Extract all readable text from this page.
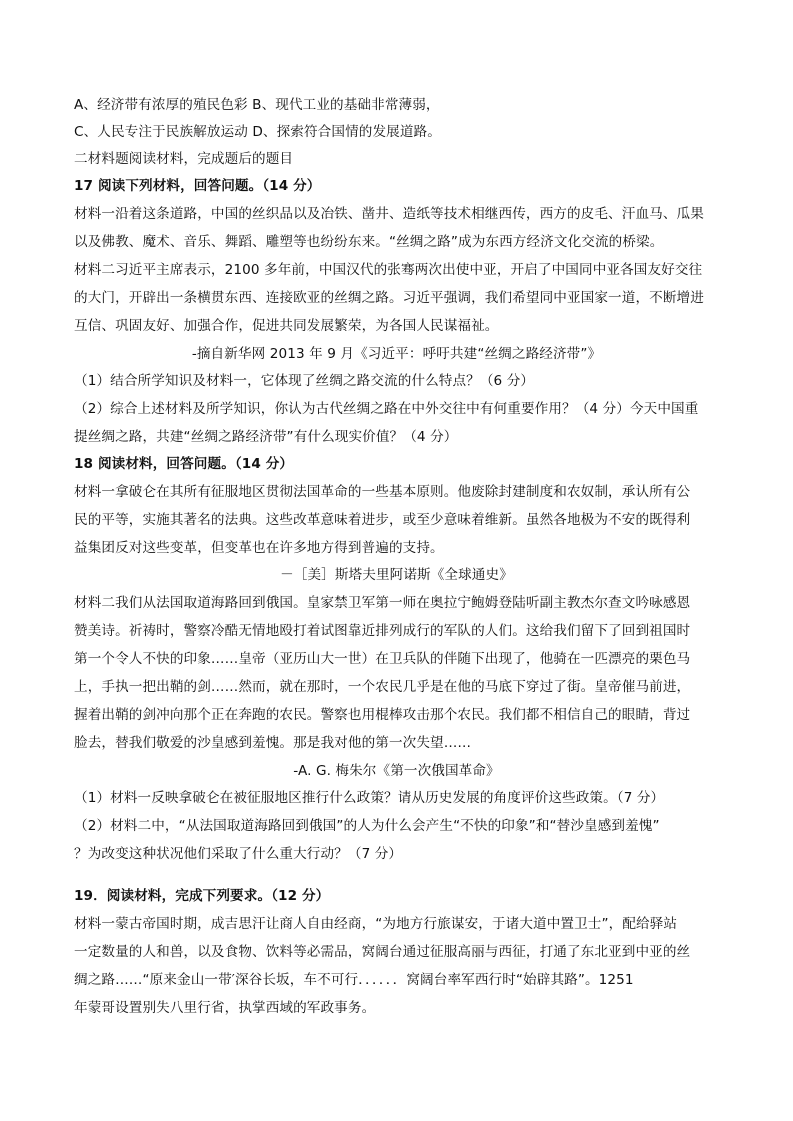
A、经济带有浓厚的殖民色彩 B、现代工业的基础非常薄弱，
C、人民专注于民族解放运动 D、探索符合国情的发展道路。
二材料题阅读材料，完成题后的题目
17 阅读下列材料，回答问题。（14 分）
材料一沿着这条道路，中国的丝织品以及冶铁、凿井、造纸等技术相继西传，西方的皮毛、汗血马、瓜果
以及佛教、魔术、音乐、舞蹈、雕塑等也纷纷东来。“丝绸之路”成为东西方经济文化交流的桥梁。
材料二习近平主席表示，2100 多年前，中国汉代的张骞两次出使中亚，开启了中国同中亚各国友好交往
的大门，开辟出一条横贯东西、连接欧亚的丝绸之路。习近平强调，我们希望同中亚国家一道，不断增进
互信、巩固友好、加强合作，促进共同发展繁荣，为各国人民谋福祉。
-摘自新华网 2013 年 9 月《习近平：呼吁共建“丝绸之路经济带”》
（1）结合所学知识及材料一，它体现了丝绸之路交流的什么特点？（6 分）
（2）综合上述材料及所学知识，你认为古代丝绸之路在中外交往中有何重要作用？（4 分）今天中国重
提丝绸之路，共建“丝绸之路经济带”有什么现实价值？（4 分）
18 阅读材料，回答问题。（14 分）
材料一拿破仑在其所有征服地区贯彻法国革命的一些基本原则。他废除封建制度和农奴制，承认所有公
民的平等，实施其著名的法典。这些改革意味着进步，或至少意味着维新。虽然各地极为不安的既得利
益集团反对这些变革，但变革也在许多地方得到普遍的支持。
－［美］斯塔夫里阿诺斯《全球通史》
材料二我们从法国取道海路回到俄国。皇家禁卫军第一师在奥拉宁鲍姆登陆听副主教杰尔查文吟咏感恩
赞美诗。祈祷时，警察冷酷无情地殴打着试图靠近排列成行的军队的人们。这给我们留下了回到祖国时
第一个令人不快的印象……皇帝（亚历山大一世）在卫兵队的伴随下出现了，他骑在一匹漂亮的栗色马
上，手执一把出鞘的剑……然而，就在那时，一个农民几乎是在他的马底下穿过了街。皇帝催马前进，
握着出鞘的剑冲向那个正在奔跑的农民。警察也用棍棒攻击那个农民。我们都不相信自己的眼睛，背过
脸去，替我们敬爱的沙皇感到羞愧。那是我对他的第一次失望……
-A. G. 梅朱尔《第一次俄国革命》
（1）材料一反映拿破仑在被征服地区推行什么政策？请从历史发展的角度评价这些政策。（7 分）
（2）材料二中，“从法国取道海路回到俄国”的人为什么会产生“不快的印象”和“替沙皇感到羞愧”
？为改变这种状况他们采取了什么重大行动？（7 分）
19．阅读材料，完成下列要求。（12 分）
材料一蒙古帝国时期，成吉思汗让商人自由经商，“为地方行旅谋安，于诸大道中置卫士”，配给驿站
一定数量的人和兽，以及食物、饮料等必需品，窝阔台通过征服高丽与西征，打通了东北亚到中亚的丝
绸之路……“原来金山一带′深谷长坂，车不可行．．．．．．窝阔台率军西行时“始辟其路”。1251
年蒙哥设置别失八里行省，执掌西域的军政事务。
